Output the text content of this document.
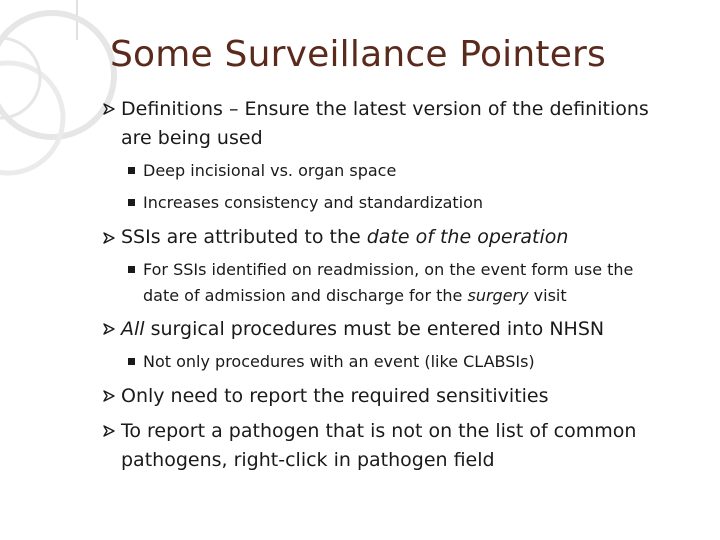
Some Surveillance Pointers
Definitions – Ensure the latest version of the definitions
are being used
Deep incisional vs. organ space
Increases consistency and standardization
SSIs are attributed to the date of the operation
For SSIs identified on readmission, on the event form use the
date of admission and discharge for the surgery visit
All surgical procedures must be entered into NHSN
Not only procedures with an event (like CLABSIs)
Only need to report the required sensitivities
To report a pathogen that is not on the list of common
pathogens, right-click in pathogen field
